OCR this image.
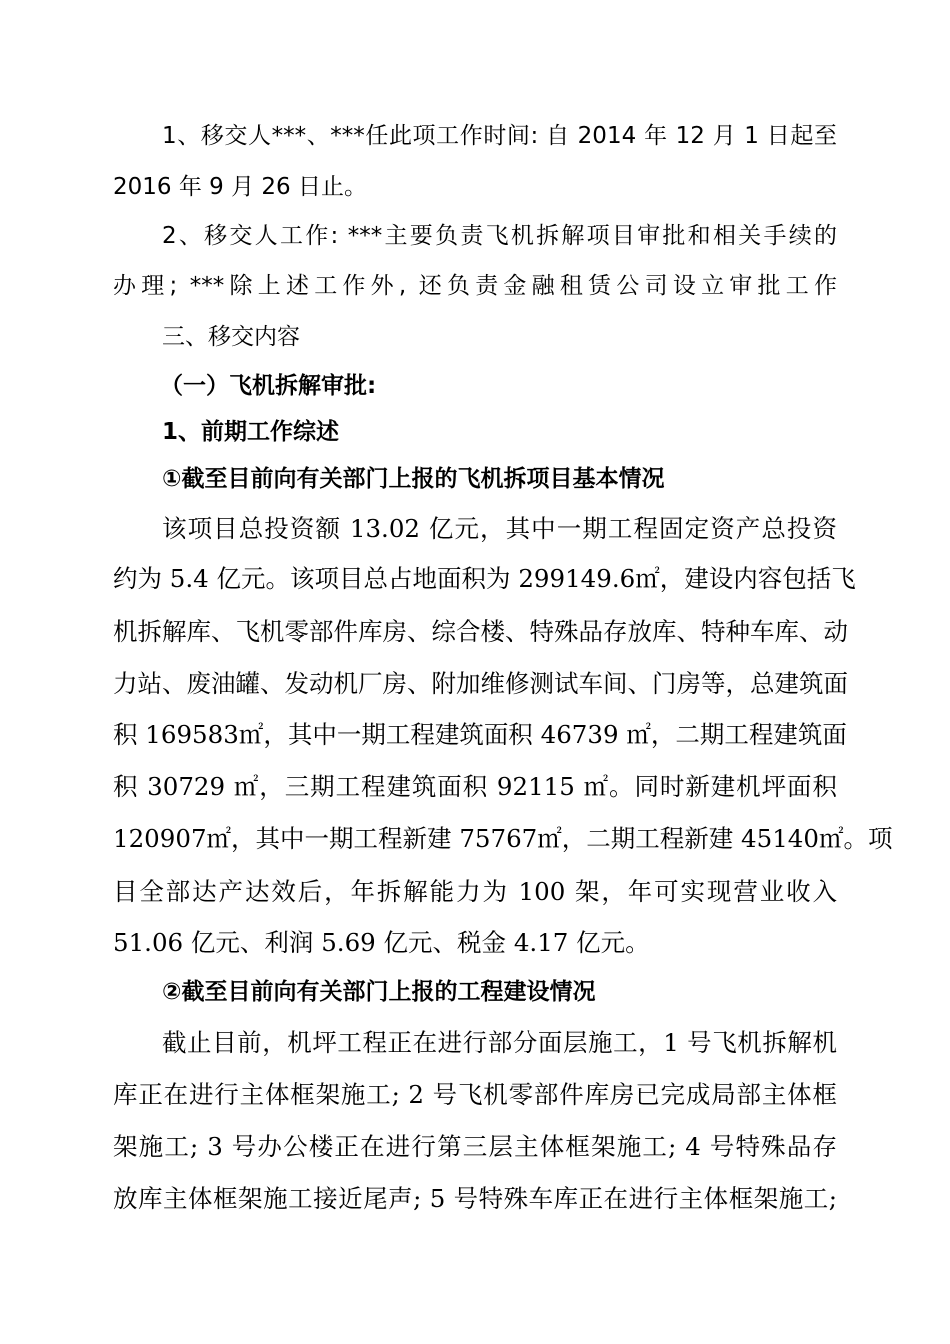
1、移交人***、***任此项工作时间: 自 2014 年 12 月 1 日起至
2016 年 9 月 26 日止。
2、移交人工作: ***主要负责飞机拆解项目审批和相关手续的
办理; ***除上述工作外, 还负责金融租赁公司设立审批工作
三、移交内容
（一）飞机拆解审批:
1、前期工作综述
①截至目前向有关部门上报的飞机拆项目基本情况
该项目总投资额 13.02 亿元，其中一期工程固定资产总投资
约为 5.4 亿元。该项目总占地面积为 299149.6㎡，建设内容包括飞
机拆解库、飞机零部件库房、综合楼、特殊品存放库、特种车库、动
力站、废油罐、发动机厂房、附加维修测试车间、门房等，总建筑面
积 169583㎡，其中一期工程建筑面积 46739 ㎡，二期工程建筑面
积 30729 ㎡，三期工程建筑面积 92115 ㎡。同时新建机坪面积
120907㎡，其中一期工程新建 75767㎡，二期工程新建 45140㎡。项
目全部达产达效后，年拆解能力为 100 架，年可实现营业收入
51.06 亿元、利润 5.69 亿元、税金 4.17 亿元。
②截至目前向有关部门上报的工程建设情况
截止目前，机坪工程正在进行部分面层施工，1 号飞机拆解机
库正在进行主体框架施工; 2 号飞机零部件库房已完成局部主体框
架施工; 3 号办公楼正在进行第三层主体框架施工; 4 号特殊品存
放库主体框架施工接近尾声; 5 号特殊车库正在进行主体框架施工;
